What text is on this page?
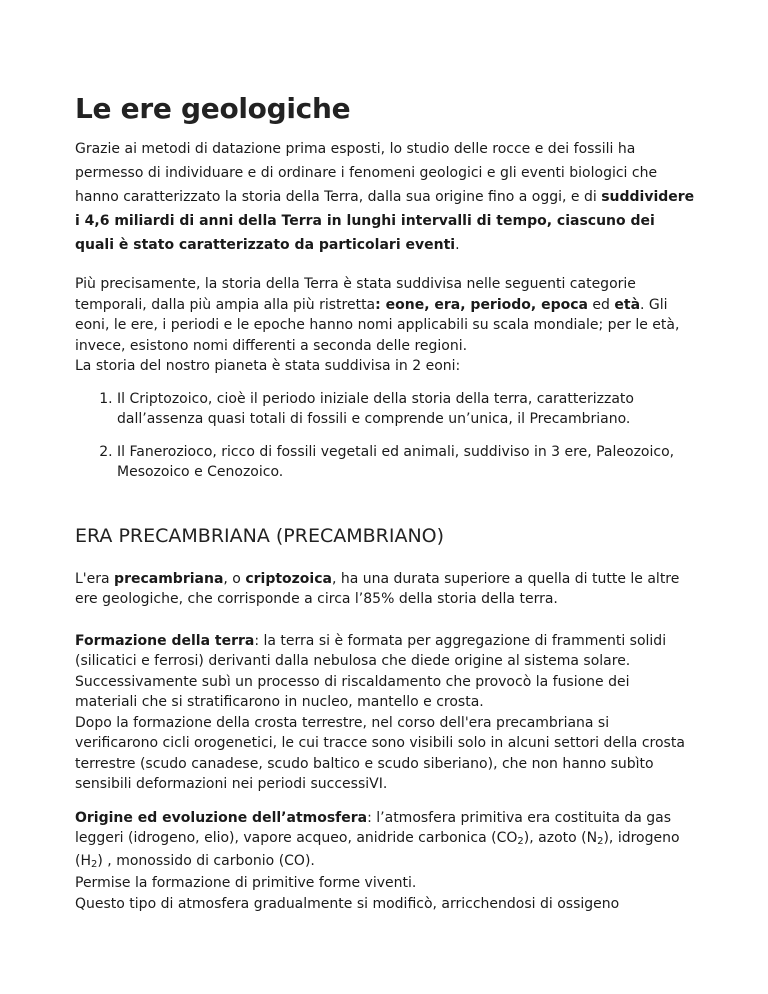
Le ere geologiche

Grazie ai metodi di datazione prima esposti, lo studio delle rocce e dei fossili ha permesso di individuare e di ordinare i fenomeni geologici e gli eventi biologici che hanno caratterizzato la storia della Terra, dalla sua origine fino a oggi, e di suddividere i 4,6 miliardi di anni della Terra in lunghi intervalli di tempo, ciascuno dei quali è stato caratterizzato da particolari eventi.

Più precisamente, la storia della Terra è stata suddivisa nelle seguenti categorie temporali, dalla più ampia alla più ristretta: eone, era, periodo, epoca ed età. Gli eoni, le ere, i periodi e le epoche hanno nomi applicabili su scala mondiale; per le età, invece, esistono nomi differenti a seconda delle regioni.
La storia del nostro pianeta è stata suddivisa in 2 eoni:

1. Il Criptozoico, cioè il periodo iniziale della storia della terra, caratterizzato dall’assenza quasi totali di fossili e comprende un’unica, il Precambriano.
2. Il Fanerozioco, ricco di fossili vegetali ed animali, suddiviso in 3 ere, Paleozoico, Mesozoico e Cenozoico.
ERA PRECAMBRIANA (PRECAMBRIANO)

L'era precambriana, o criptozoica, ha una durata superiore a quella di tutte le altre ere geologiche, che corrisponde a circa l’85% della storia della terra.

Formazione della terra: la terra si è formata per aggregazione di frammenti solidi (silicatici e ferrosi) derivanti dalla nebulosa che diede origine al sistema solare.
Successivamente subì un processo di riscaldamento che provocò la fusione dei materiali che si stratificarono in nucleo, mantello e crosta.
Dopo la formazione della crosta terrestre, nel corso dell'era precambriana si verificarono cicli orogenetici, le cui tracce sono visibili solo in alcuni settori della crosta terrestre (scudo canadese, scudo baltico e scudo siberiano), che non hanno subìto sensibili deformazioni nei periodi successiVI.

Origine ed evoluzione dell’atmosfera: l’atmosfera primitiva era costituita da gas leggeri (idrogeno, elio), vapore acqueo, anidride carbonica (CO2), azoto (N2), idrogeno (H2) , monossido di carbonio (CO).
Permise la formazione di primitive forme viventi.
Questo tipo di atmosfera gradualmente si modificò, arricchendosi di ossigeno
